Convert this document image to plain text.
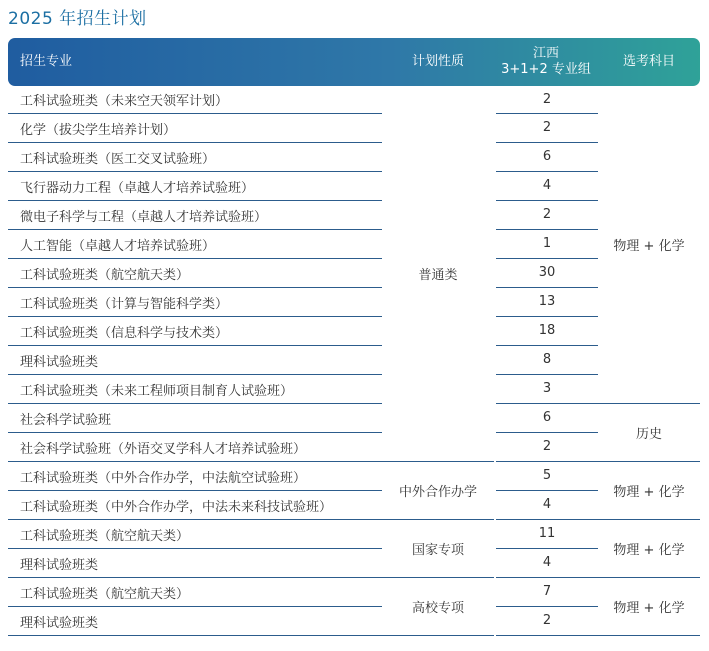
2025 年招生计划
招生专业	计划性质	江西
3+1+2 专业组	选考科目
工科试验班类（未来空天领军计划）	普通类	2	物理 + 化学
化学（拔尖学生培养计划）		2	

工科试验班类（医工交叉试验班）		6	

飞行器动力工程（卓越人才培养试验班）		4	

微电子科学与工程（卓越人才培养试验班）		2	

人工智能（卓越人才培养试验班）		1	

工科试验班类（航空航天类）		30	

工科试验班类（计算与智能科学类）		13	

工科试验班类（信息科学与技术类）		18	

理科试验班类		8	

工科试验班类（未来工程师项目制育人试验班）		3	

社会科学试验班		6	历史
社会科学试验班（外语交叉学科人才培养试验班）		2	

工科试验班类（中外合作办学，中法航空试验班）	中外合作办学	5	物理 + 化学
工科试验班类（中外合作办学，中法未来科技试验班）		4	

工科试验班类（航空航天类）	国家专项	11	物理 + 化学
理科试验班类		4	

工科试验班类（航空航天类）	高校专项	7	物理 + 化学
理科试验班类		2	
